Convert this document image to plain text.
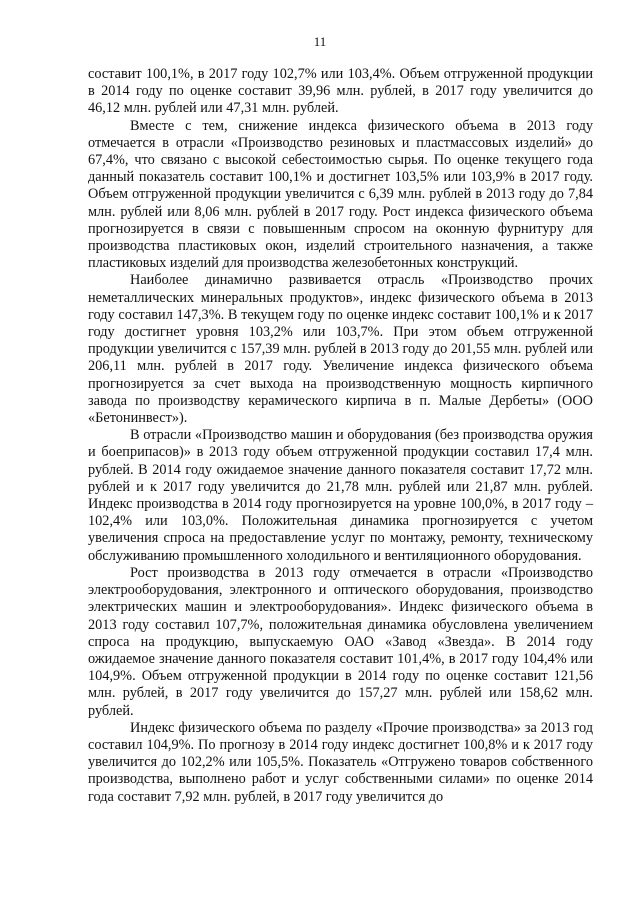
11

составит 100,1%, в 2017 году 102,7% или 103,4%. Объем отгруженной продукции в 2014 году по оценке составит 39,96 млн. рублей, в 2017 году увеличится до 46,12 млн. рублей или 47,31 млн. рублей.

Вместе с тем, снижение индекса физического объема в 2013 году отмечается в отрасли «Производство резиновых и пластмассовых изделий» до 67,4%, что связано с высокой себестоимостью сырья. По оценке текущего года данный показатель составит 100,1% и достигнет 103,5% или 103,9% в 2017 году. Объем отгруженной продукции увеличится с 6,39 млн. рублей в 2013 году до 7,84 млн. рублей или 8,06 млн. рублей в 2017 году. Рост индекса физического объема прогнозируется в связи с повышенным спросом на оконную фурнитуру для производства пластиковых окон, изделий строительного назначения, а также пластиковых изделий для производства железобетонных конструкций.

Наиболее динамично развивается отрасль «Производство прочих неметаллических минеральных продуктов», индекс физического объема в 2013 году составил 147,3%. В текущем году по оценке индекс составит 100,1% и к 2017 году достигнет уровня 103,2% или 103,7%. При этом объем отгруженной продукции увеличится с 157,39 млн. рублей в 2013 году до 201,55 млн. рублей или 206,11 млн. рублей в 2017 году. Увеличение индекса физического объема прогнозируется за счет выхода на производственную мощность кирпичного завода по производству керамического кирпича в п. Малые Дербеты» (ООО «Бетонинвест»).

В отрасли «Производство машин и оборудования (без производства оружия и боеприпасов)» в 2013 году объем отгруженной продукции составил 17,4 млн. рублей. В 2014 году ожидаемое значение данного показателя составит 17,72 млн. рублей и к 2017 году увеличится до 21,78 млн. рублей или 21,87 млн. рублей. Индекс производства в 2014 году прогнозируется на уровне 100,0%, в 2017 году – 102,4% или 103,0%. Положительная динамика прогнозируется с учетом увеличения спроса на предоставление услуг по монтажу, ремонту, техническому обслуживанию промышленного холодильного и вентиляционного оборудования.

Рост производства в 2013 году отмечается в отрасли «Производство электрооборудования, электронного и оптического оборудования, производство электрических машин и электрооборудования». Индекс физического объема в 2013 году составил 107,7%, положительная динамика обусловлена увеличением спроса на продукцию, выпускаемую ОАО «Завод «Звезда». В 2014 году ожидаемое значение данного показателя составит 101,4%, в 2017 году 104,4% или 104,9%. Объем отгруженной продукции в 2014 году по оценке составит 121,56 млн. рублей, в 2017 году увеличится до 157,27 млн. рублей или 158,62 млн. рублей.

Индекс физического объема по разделу «Прочие производства» за 2013 год составил 104,9%. По прогнозу в 2014 году индекс достигнет 100,8% и к 2017 году увеличится до 102,2% или 105,5%. Показатель «Отгружено товаров собственного производства, выполнено работ и услуг собственными силами» по оценке 2014 года составит 7,92 млн. рублей, в 2017 году увеличится до
